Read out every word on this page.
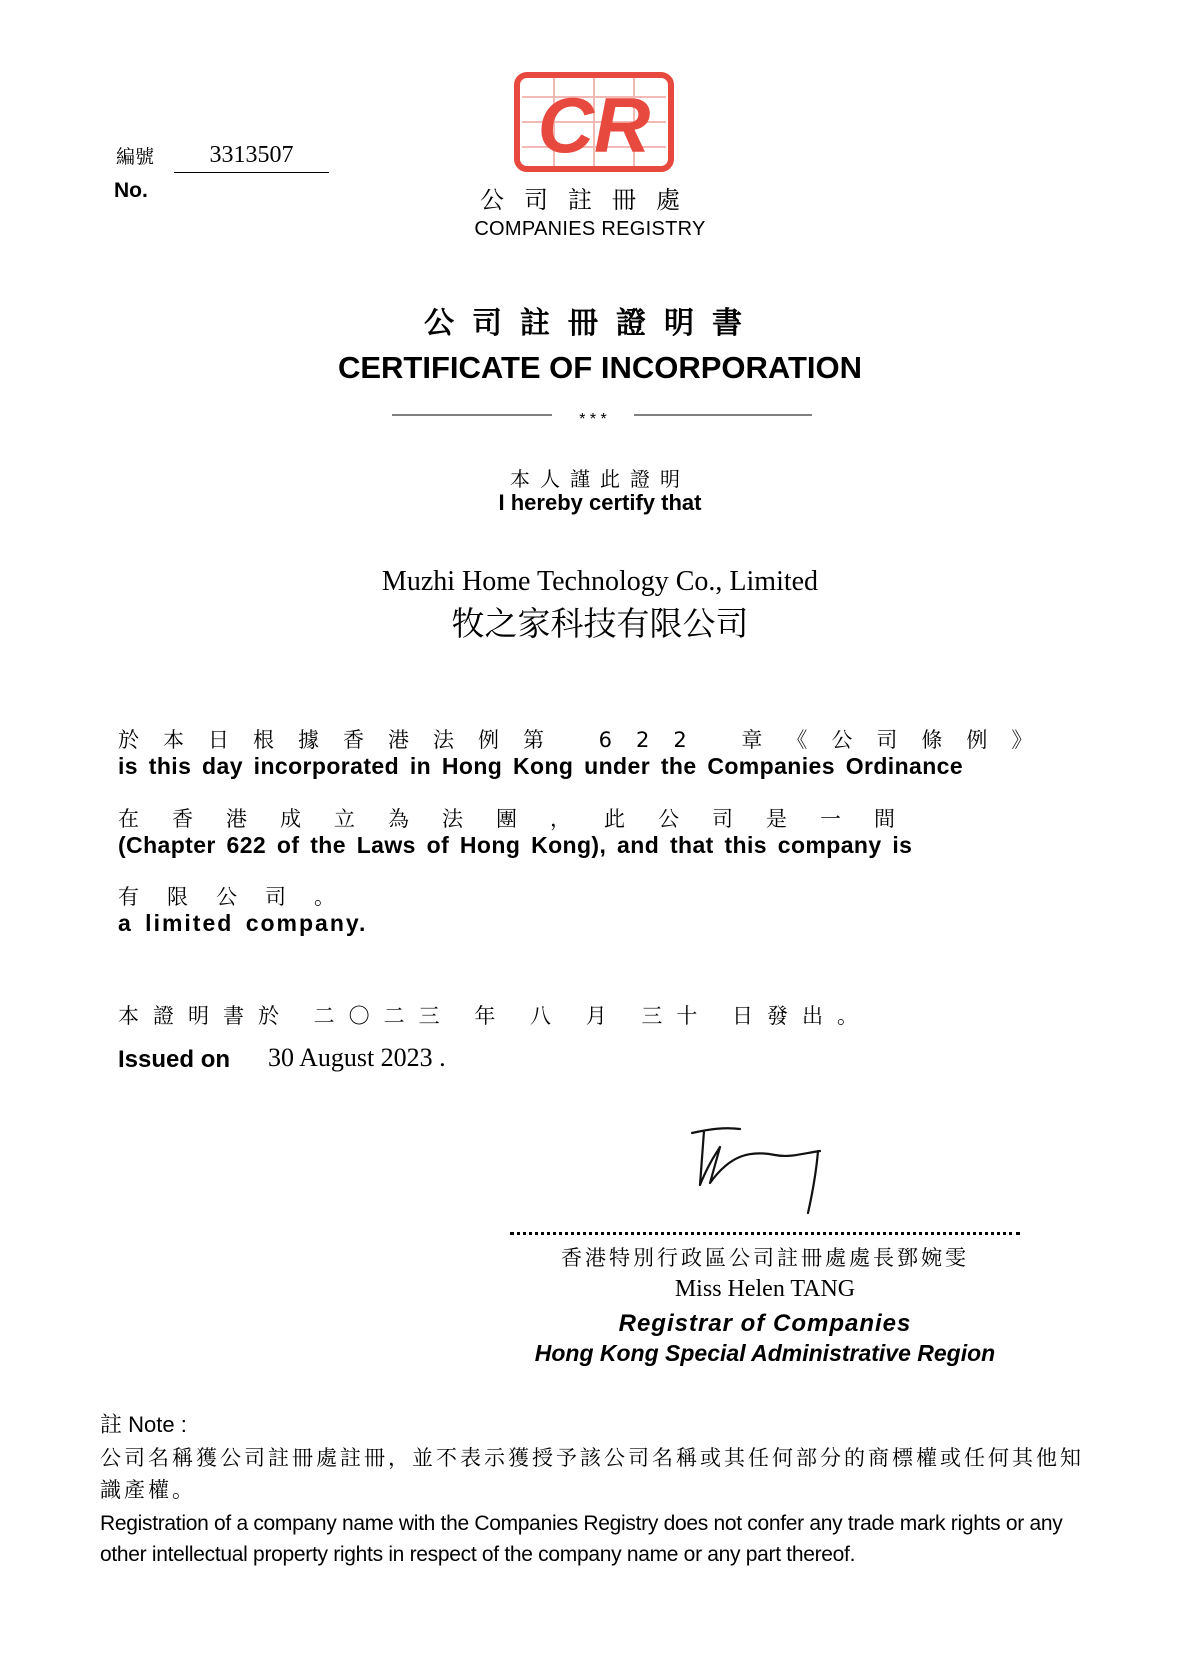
編號	3313507
No.
CR
公司註冊處
COMPANIES REGISTRY
公司註冊證明書
CERTIFICATE OF INCORPORATION
* * *
本人謹此證明
I hereby certify that
Muzhi Home Technology Co., Limited
牧之家科技有限公司
於本日根據香港法例第 622 章《公司條例》
is this day incorporated in Hong Kong under the Companies Ordinance
在香港成立為法團，此公司是一間
(Chapter 622 of the Laws of Hong Kong), and that this company is
有限公司。
a limited company.
本證明書於 二〇二三 年 八 月 三十 日發出。
Issued on 30 August 2023 .
香港特別行政區公司註冊處處長鄧婉雯
Miss Helen TANG
Registrar of Companies
Hong Kong Special Administrative Region
註 Note :
公司名稱獲公司註冊處註冊，並不表示獲授予該公司名稱或其任何部分的商標權或任何其他知識產權。
Registration of a company name with the Companies Registry does not confer any trade mark rights or any other intellectual property rights in respect of the company name or any part thereof.
